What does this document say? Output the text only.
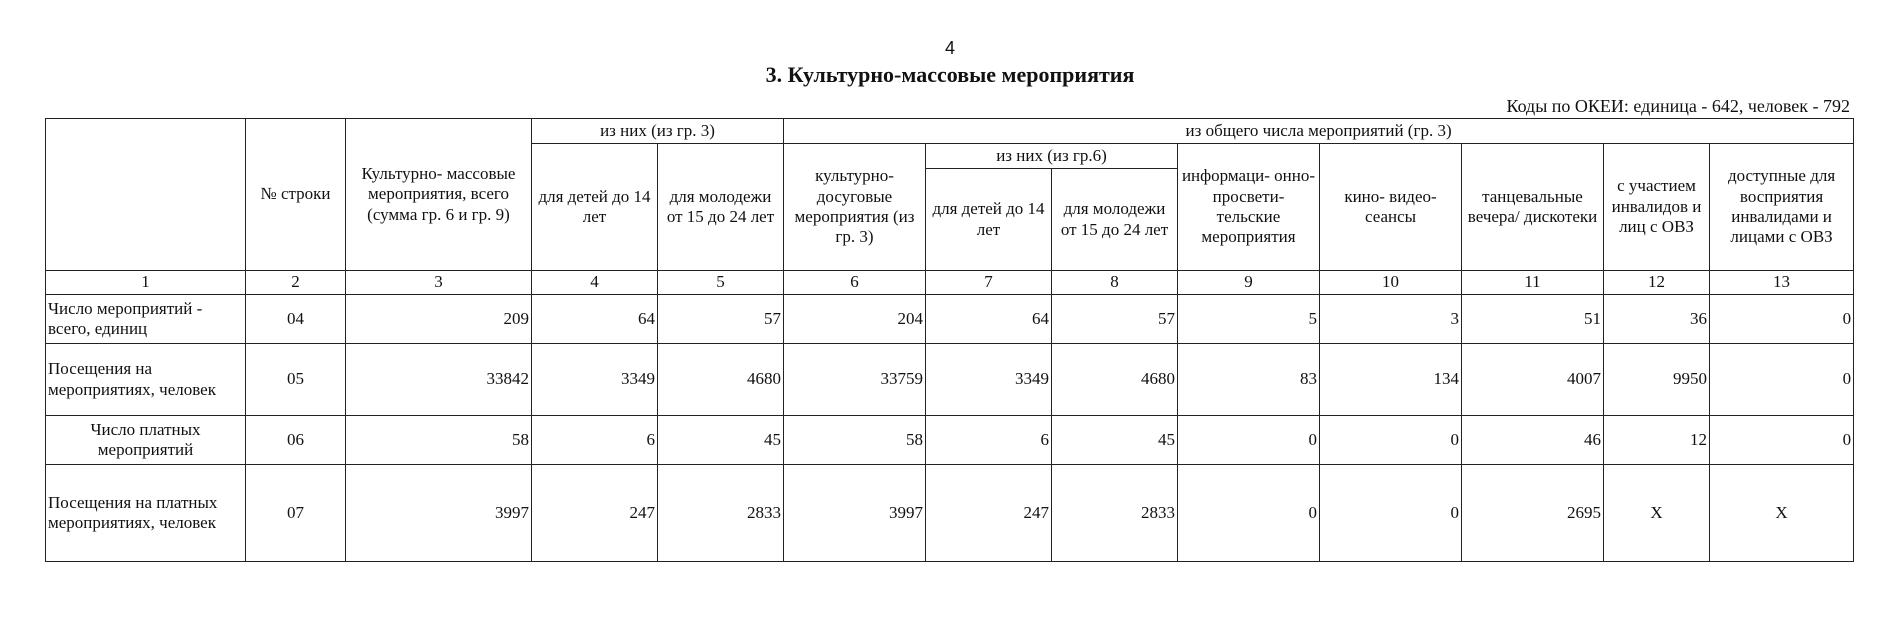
4
3. Культурно-массовые мероприятия
Коды по ОКЕИ: единица - 642, человек - 792
	№ строки	Культурно- массовые мероприятия, всего (сумма гр. 6 и гр. 9)	из них (из гр. 3)		из общего числа мероприятий (гр. 3)							
			для детей до 14 лет	для молодежи от 15 до 24 лет	культурно- досуговые мероприятия (из гр. 3)	из них (из гр.6)		информаци- онно- просвети- тельские мероприятия	кино- видео-сеансы	танцевальные вечера/ дискотеки	с участием инвалидов и лиц с ОВЗ	доступные для восприятия инвалидами и лицами с ОВЗ
						для детей до 14 лет	для молодежи от 15 до 24 лет					
1	2	3	4	5	6	7	8	9	10	11	12	13
Число мероприятий - всего, единиц	04	209	64	57	204	64	57	5	3	51	36	0
Посещения на мероприятиях, человек	05	33842	3349	4680	33759	3349	4680	83	134	4007	9950	0
Число платных мероприятий	06	58	6	45	58	6	45	0	0	46	12	0
Посещения на платных мероприятиях, человек	07	3997	247	2833	3997	247	2833	0	0	2695	X	X
